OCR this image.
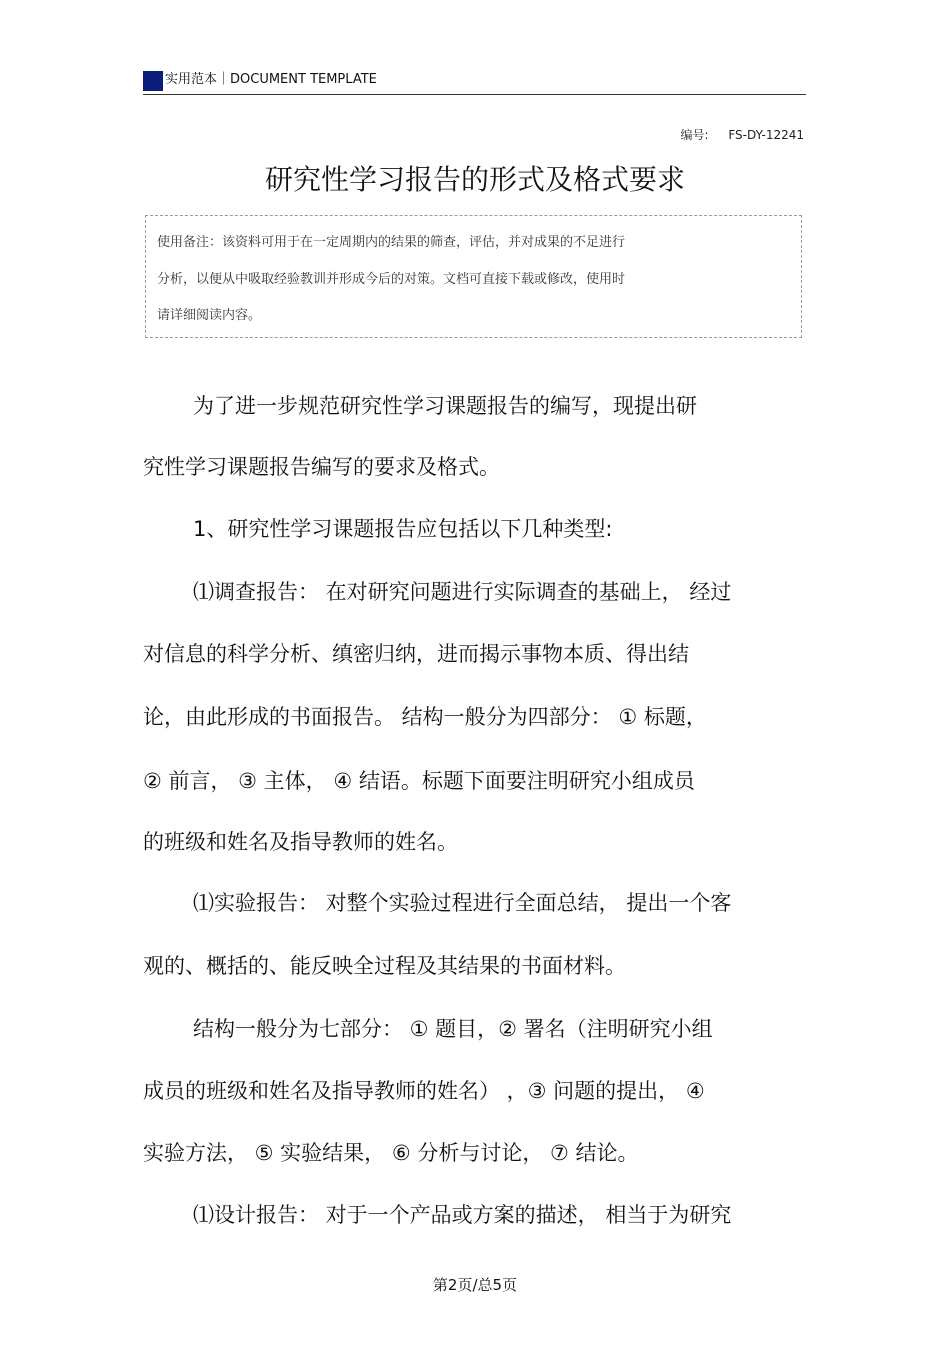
实用范本｜DOCUMENT TEMPLATE
编号: FS-DY-12241
研究性学习报告的形式及格式要求
使用备注：该资料可用于在一定周期内的结果的筛查，评估，并对成果的不足进行
分析，以便从中吸取经验教训并形成今后的对策。文档可直接下载或修改，使用时
请详细阅读内容。
为了进一步规范研究性学习课题报告的编写，现提出研
究性学习课题报告编写的要求及格式。
1、研究性学习课题报告应包括以下几种类型:
⑴调查报告： 在对研究问题进行实际调查的基础上， 经过
对信息的科学分析、缜密归纳，进而揭示事物本质、得出结
论，由此形成的书面报告。 结构一般分为四部分： ① 标题，
② 前言， ③ 主体， ④ 结语。标题下面要注明研究小组成员
的班级和姓名及指导教师的姓名。
⑴实验报告： 对整个实验过程进行全面总结， 提出一个客
观的、概括的、能反映全过程及其结果的书面材料。
结构一般分为七部分： ① 题目，② 署名（注明研究小组
成员的班级和姓名及指导教师的姓名） ，③ 问题的提出， ④
实验方法， ⑤ 实验结果， ⑥ 分析与讨论， ⑦ 结论。
⑴设计报告： 对于一个产品或方案的描述， 相当于为研究
第2页/总5页
